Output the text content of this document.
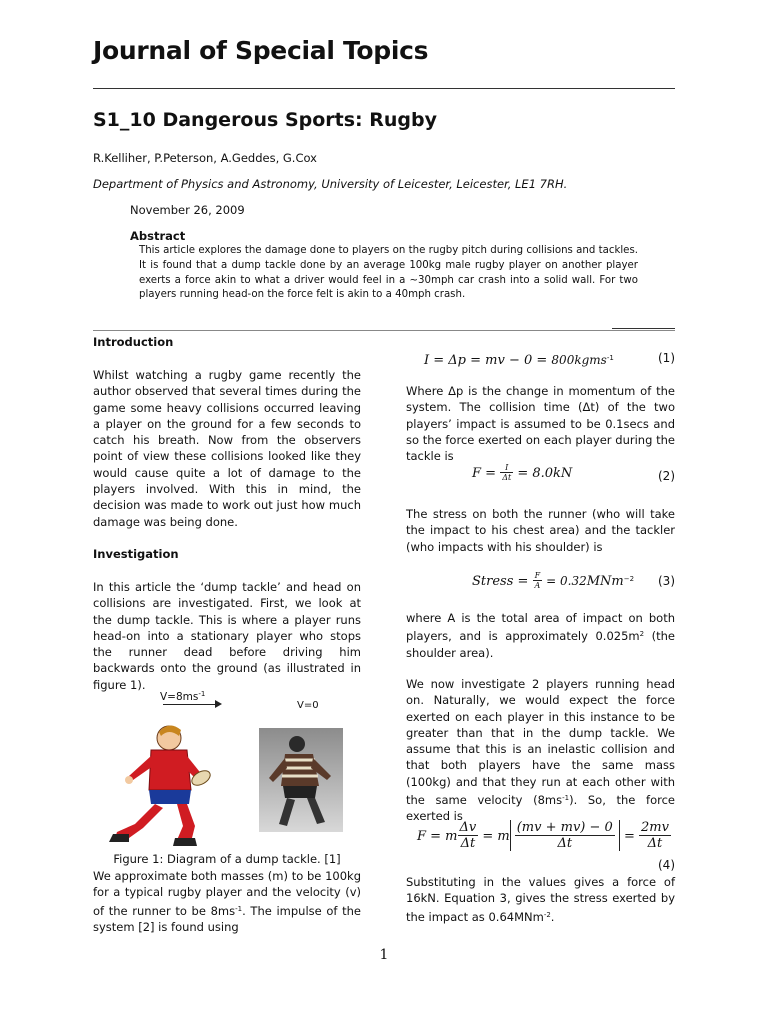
Journal of Special Topics
S1_10 Dangerous Sports: Rugby
R.Kelliher, P.Peterson, A.Geddes, G.Cox
Department of Physics and Astronomy, University of Leicester, Leicester, LE1 7RH.
November 26, 2009
Abstract
This article explores the damage done to players on the rugby pitch during collisions and tackles. It is found that a dump tackle done by an average 100kg male rugby player on another player exerts a force akin to what a driver would feel in a ~30mph car crash into a solid wall. For two players running head-on the force felt is akin to a 40mph crash.
Introduction
Whilst watching a rugby game recently the author observed that several times during the game some heavy collisions occurred leaving a player on the ground for a few seconds to catch his breath. Now from the observers point of view these collisions looked like they would cause quite a lot of damage to the players involved. With this in mind, the decision was made to work out just how much damage was being done.
Investigation
In this article the ‘dump tackle’ and head on collisions are investigated. First, we look at the dump tackle. This is where a player runs head-on into a stationary player who stops the runner dead before driving him backwards onto the ground (as illustrated in figure 1).
$V=8ms^{-1}$
V=0
Figure 1: Diagram of a dump tackle. [1]
We approximate both masses (m) to be 100kg for a typical rugby player and the velocity (v) of the runner to be $8ms^{-1}$. The impulse of the system [2] is found using
I = Δp = mv − 0 = 800kgms$^{-1}$	(1)
Where Δp is the change in momentum of the system. The collision time (Δt) of the two players’ impact is assumed to be 0.1secs and so the force exerted on each player during the tackle is
$F = \frac{I}{\Delta t} = 8.0kN$	(2)
The stress on both the runner (who will take the impact to his chest area) and the tackler (who impacts with his shoulder) is
Stress = $\frac{F}{A} = 0.32MNm^{-2}$ (3)
where A is the total area of impact on both players, and is approximately $0.025m^2$ (the shoulder area).
We now investigate 2 players running head on. Naturally, we would expect the force exerted on each player in this instance to be greater than that in the dump tackle. We assume that this is an inelastic collision and that both players have the same mass (100kg) and that they run at each other with the same velocity $(8ms^{-1})$. So, the force exerted is
F = m $\frac{\Delta v}{\Delta t} = m \frac{(mv + mv) - 0}{\Delta t} = \frac{2mv}{\Delta t}$
(4)
Substituting in the values gives a force of 16kN. Equation 3, gives the stress exerted by the impact as 0.64MNm$^{-2}$.
1
